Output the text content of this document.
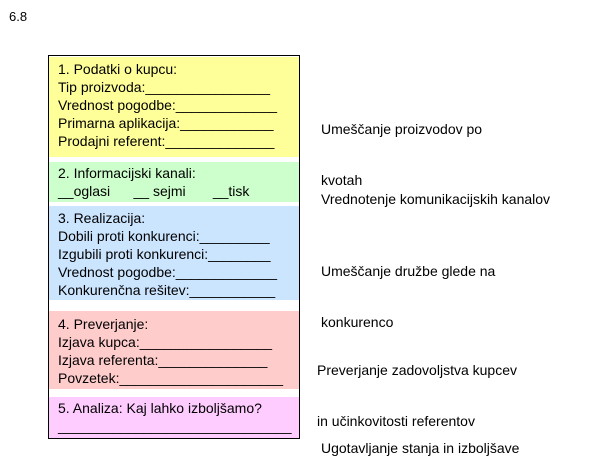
6.8
1. Podatki o kupcu:
Tip proizvoda:________________
Vrednost pogodbe:_____________
Primarna aplikacija:____________
Prodajni referent:______________
2. Informacijski kanali:
__oglasi      __ sejmi       __tisk
3. Realizacija:
Dobili proti konkurenci:_________
Izgubili proti konkurenci:________
Vrednost pogodbe:_____________
Konkurenčna rešitev:___________
4. Preverjanje:
Izjava kupca:_________________
Izjava referenta:______________
Povzetek:_____________________
5. Analiza: Kaj lahko izboljšamo?
______________________________

Umeščanje proizvodov po

kvotah

Vrednotenje komunikacijskih kanalov

Umeščanje družbe glede na

konkurenco

Preverjanje zadovoljstva kupcev

in učinkovitosti referentov

Ugotavljanje stanja in izboljšave
